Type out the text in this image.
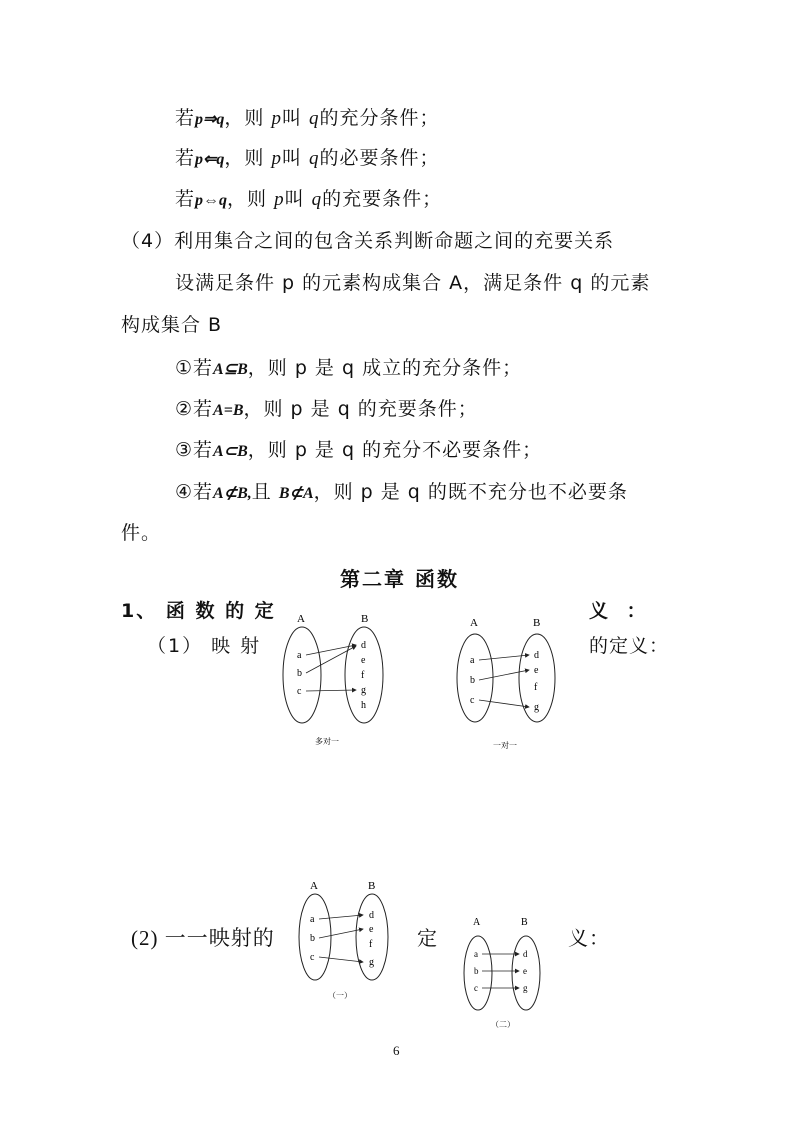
若p⇒q，则 p叫 q的充分条件；
若p⇐q，则 p叫 q的必要条件；
若p⇔q，则 p叫 q的充要条件；
（4）利用集合之间的包含关系判断命题之间的充要关系
设满足条件 p 的元素构成集合 A，满足条件 q 的元素
构成集合 B
①若A⊆B，则 p 是 q 成立的充分条件；
②若A=B，则 p 是 q 的充要条件；
③若A⊂B，则 p 是 q 的充分不必要条件；
④若A⊄B,且 B⊄A，则 p 是 q 的既不充分也不必要条
件。
第二章 函数
1、 函 数 的 定	义 ：
（1） 映 射	的定义：
A	B
a
b
c
d
e
f
g
h
多对一
A	B
a
b
c
d
e
f
g
一对一
(2) 一一映射的	定	义：
A	B
a
b
c
d
e
f
g
（一）
A	B
a
b
c
d
e
g
（二）
6
